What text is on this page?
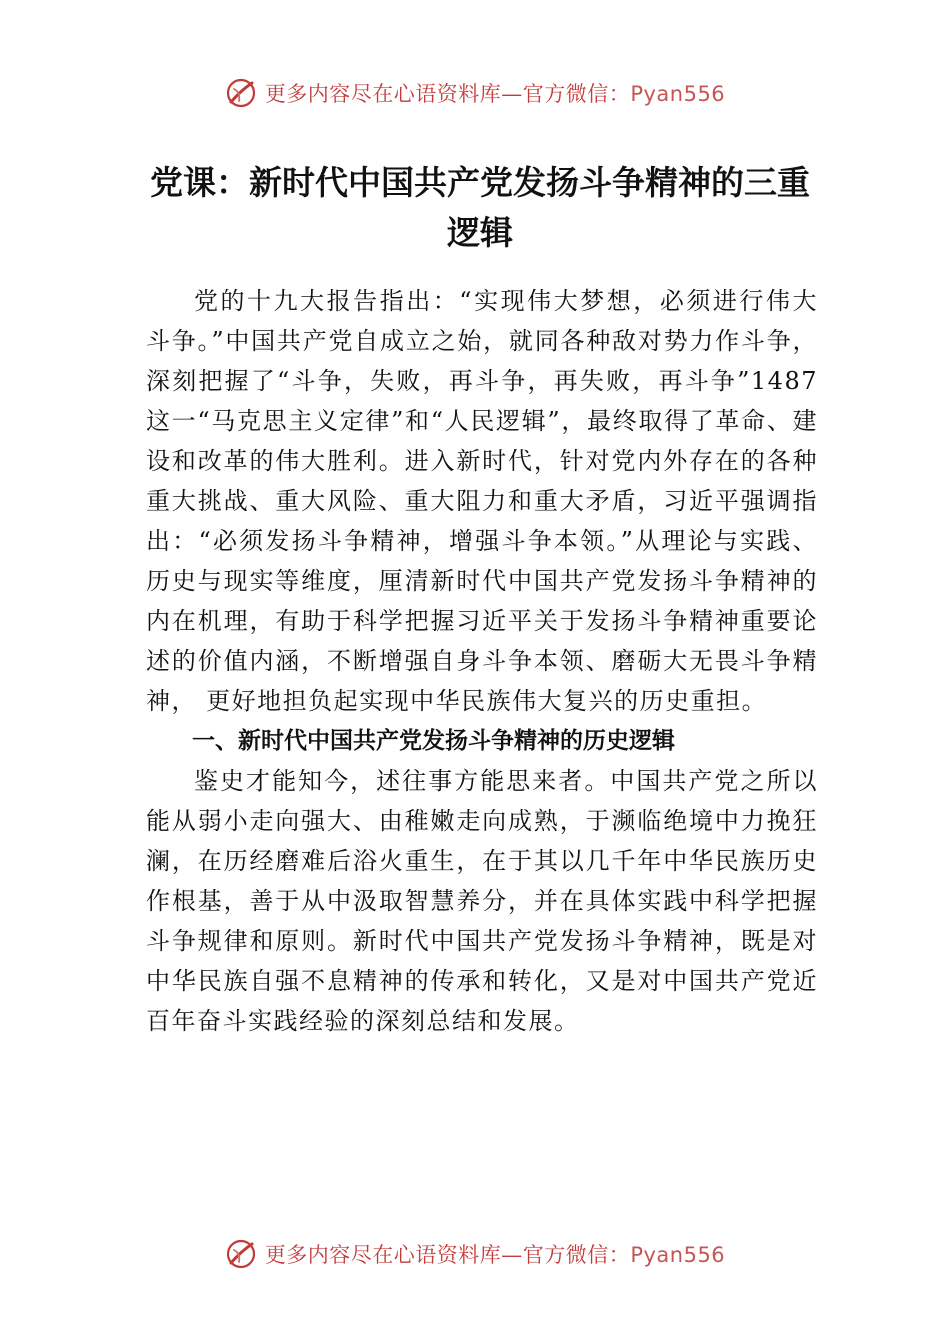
更多内容尽在心语资料库—官方微信：Pyan556
党课：新时代中国共产党发扬斗争精神的三重逻辑

党的十九大报告指出：“实现伟大梦想，必须进行伟大斗争。”中国共产党自成立之始，就同各种敌对势力作斗争，深刻把握了“斗争，失败，再斗争，再失败，再斗争”1487这一“马克思主义定律”和“人民逻辑”，最终取得了革命、建设和改革的伟大胜利。进入新时代，针对党内外存在的各种重大挑战、重大风险、重大阻力和重大矛盾，习近平强调指出：“必须发扬斗争精神，增强斗争本领。”从理论与实践、历史与现实等维度，厘清新时代中国共产党发扬斗争精神的内在机理，有助于科学把握习近平关于发扬斗争精神重要论述的价值内涵，不断增强自身斗争本领、磨砺大无畏斗争精神， 更好地担负起实现中华民族伟大复兴的历史重担。

一、新时代中国共产党发扬斗争精神的历史逻辑

鉴史才能知今，述往事方能思来者。中国共产党之所以能从弱小走向强大、由稚嫩走向成熟，于濒临绝境中力挽狂澜，在历经磨难后浴火重生，在于其以几千年中华民族历史作根基，善于从中汲取智慧养分，并在具体实践中科学把握斗争规律和原则。新时代中国共产党发扬斗争精神，既是对中华民族自强不息精神的传承和转化，又是对中国共产党近百年奋斗实践经验的深刻总结和发展。

更多内容尽在心语资料库—官方微信：Pyan556
